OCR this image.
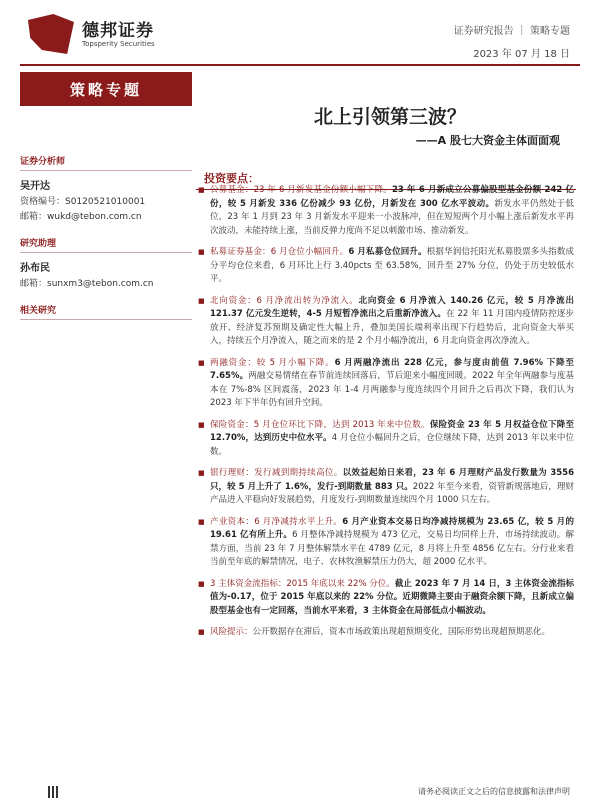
德邦证券
Topsperity Securities
证券研究报告 ｜ 策略专题
2023 年 07 月 18 日
策略专题
证券分析师
吴开达
资格编号：S0120521010001
邮箱：wukd@tebon.com.cn
研究助理
孙布民
邮箱：sunxm3@tebon.com.cn
相关研究
北上引领第三波？
——A 股七大资金主体面面观
投资要点：
■ 公募基金：23 年 6 月新发基金份额小幅下降。23 年 6 月新成立公募偏股型基金份额 242 亿份，较 5 月新发 336 亿份减少 93 亿份，月新发在 300 亿水平波动。新发水平仍然处于低位，23 年 1 月到 23 年 3 月新发水平迎来一小波脉冲，但在短短两个月小幅上涨后新发水平再次波动，未能持续上涨，当前反弹力度尚不足以刺激市场、推动新发。
■ 私募证券基金：6 月仓位小幅回升。6 月私募仓位回升。根据华润信托阳光私募股票多头指数成分平均仓位来看，6 月环比上行 3.40pcts 至 63.58%，回升至 27% 分位，仍处于历史较低水平。
■ 北向资金：6 月净流出转为净流入。北向资金 6 月净流入 140.26 亿元，较 5 月净流出 121.37 亿元发生逆转，4-5 月短暂净流出之后重新净流入。在 22 年 11 月国内疫情防控逐步放开、经济复苏预期及确定性大幅上升，叠加美国长端利率出现下行趋势后，北向资金大举买入，持续五个月净流入，随之而来的是 2 个月小幅净流出，6 月北向资金再次净流入。
■ 两融资金：较 5 月小幅下降。6 月两融净流出 228 亿元，参与度由前值 7.96% 下降至 7.65%。两融交易情绪在春节前连续回落后，节后迎来小幅度回暖。2022 年全年两融参与度基本在 7%-8% 区间震荡，2023 年 1-4 月两融参与度连续四个月回升之后再次下降，我们认为 2023 年下半年仍有回升空间。
■ 保险资金：5 月仓位环比下降，达到 2013 年来中位数。保险资金 23 年 5 月权益仓位下降至 12.70%，达到历史中位水平。4 月仓位小幅回升之后，仓位继续下降，达到 2013 年以来中位数。
■ 银行理财：发行减到期持续高位。以效益起始日来看，23 年 6 月理财产品发行数量为 3556 只，较 5 月上升了 1.6%，发行-到期数量 883 只。2022 年至今来看，资管新规落地后，理财产品进入平稳向好发展趋势，月度发行-到期数量连续四个月 1000 只左右。
■ 产业资本：6 月净减持水平上升。6 月产业资本交易日均净减持规模为 23.65 亿，较 5 月的 19.61 亿有所上升。6 月整体净减持规模为 473 亿元，交易日均同样上升，市场持续波动。解禁方面，当前 23 年 7 月整体解禁水平在 4789 亿元，8 月将上升至 4856 亿左右。分行业来看当前至年底的解禁情况，电子、农林牧渔解禁压力仍大，超 2000 亿水平。
■ 3 主体资金流指标：2015 年底以来 22% 分位。截止 2023 年 7 月 14 日，3 主体资金流指标值为-0.17，位于 2015 年底以来的 22% 分位。近期微降主要由于融资余额下降，且新成立偏股型基金也有一定回落，当前水平来看，3 主体资金在局部低点小幅波动。
■ 风险提示：公开数据存在滞后，资本市场政策出现超预期变化，国际形势出现超预期恶化。
请务必阅读正文之后的信息披露和法律声明
